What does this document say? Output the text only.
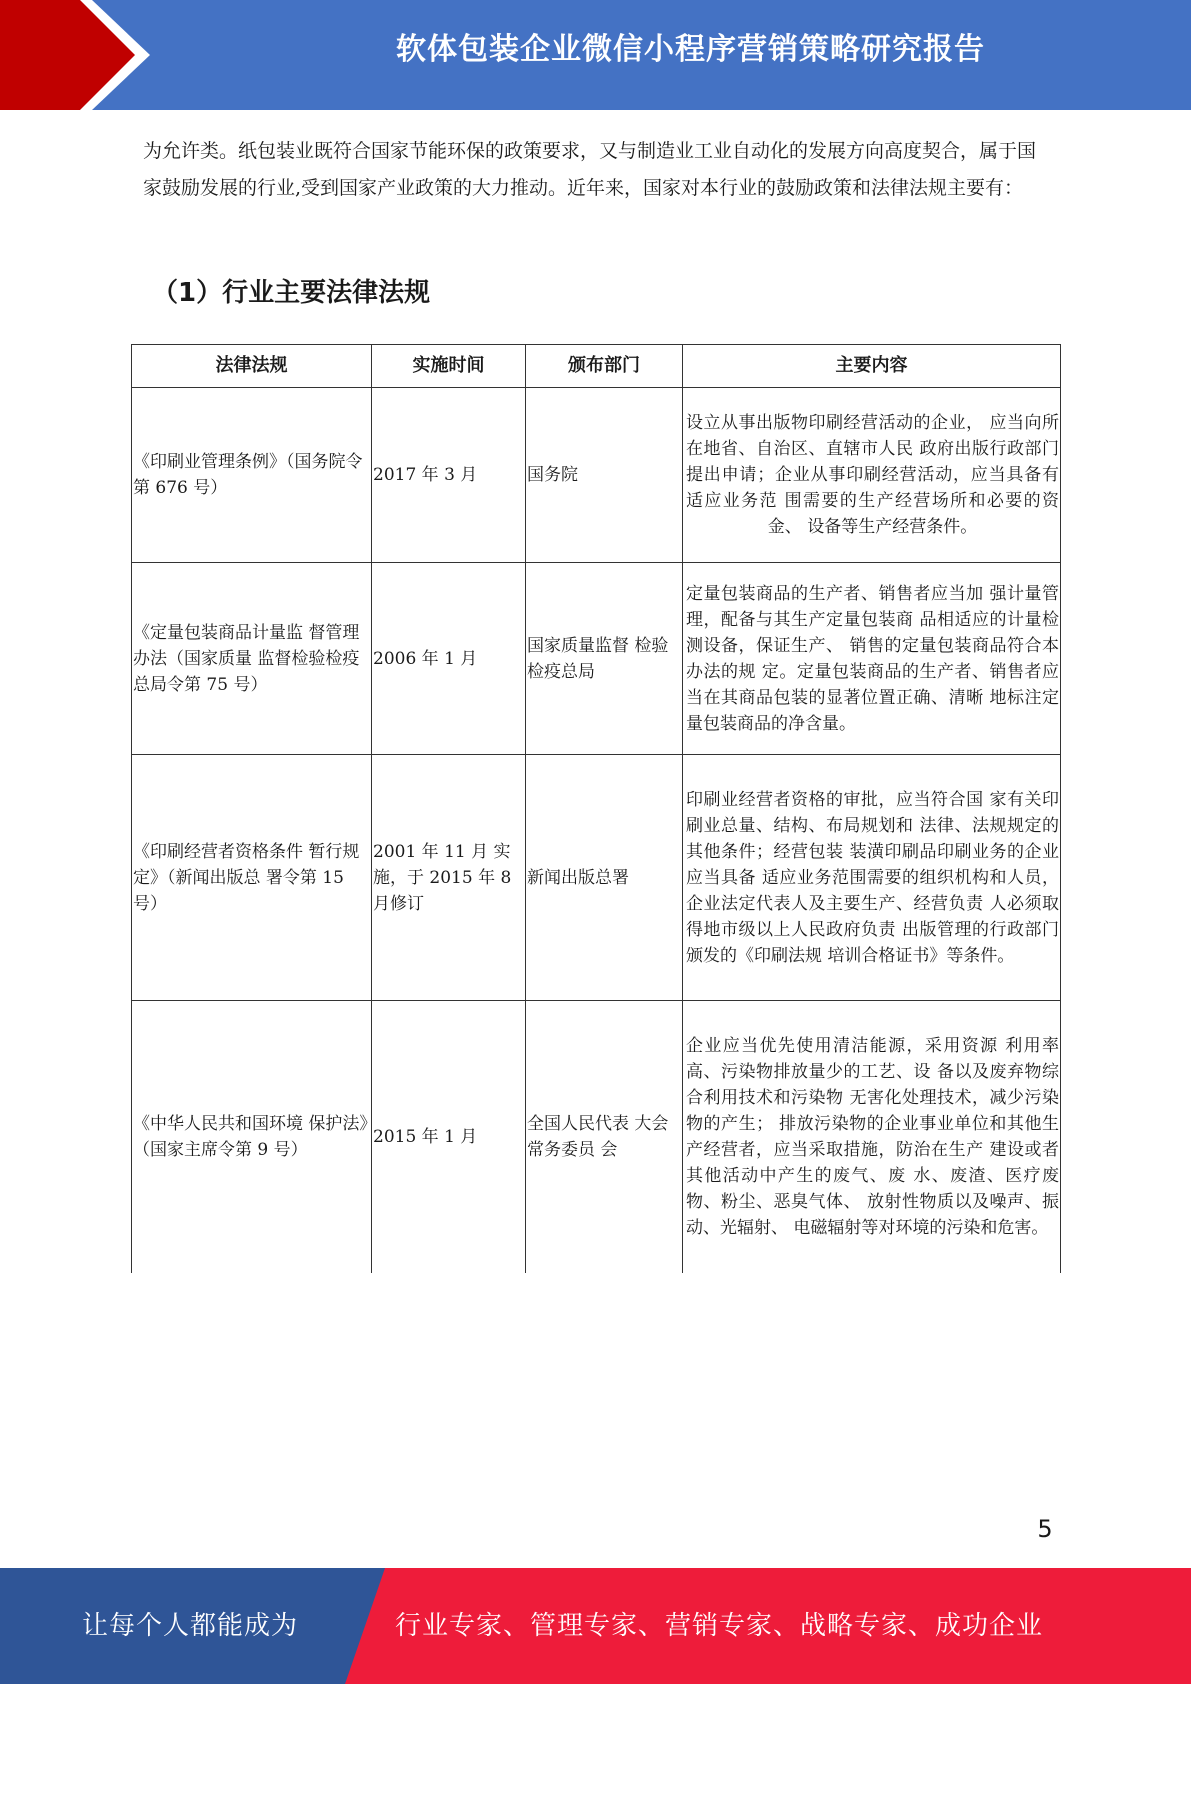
软体包装企业微信小程序营销策略研究报告

为允许类。纸包装业既符合国家节能环保的政策要求，又与制造业工业自动化的发展方向高度契合，属于国家鼓励发展的行业,受到国家产业政策的大力推动。近年来，国家对本行业的鼓励政策和法律法规主要有：

（1）行业主要法律法规
法律法规	实施时间	颁布部门	主要内容
《印刷业管理条例》（国务院令第 676 号）	2017 年 3 月	国务院	设立从事出版物印刷经营活动的企业， 应当向所在地省、自治区、直辖市人民 政府出版行政部门提出申请；企业从事印刷经营活动，应当具备有适应业务范 围需要的生产经营场所和必要的资金、 设备等生产经营条件。
《定量包装商品计量监 督管理办法（国家质量 监督检验检疫总局令第 75 号）	2006 年 1 月	国家质量监督 检验检疫总局	定量包装商品的生产者、销售者应当加 强计量管理，配备与其生产定量包装商 品相适应的计量检测设备，保证生产、 销售的定量包装商品符合本办法的规 定。定量包装商品的生产者、销售者应 当在其商品包装的显著位置正确、清晰 地标注定量包装商品的净含量。
《印刷经营者资格条件 暂行规定》（新闻出版总 署令第 15 号）	2001 年 11 月 实施，于 2015 年 8 月修订	新闻出版总署	印刷业经营者资格的审批，应当符合国 家有关印刷业总量、结构、布局规划和 法律、法规规定的其他条件；经营包装 装潢印刷品印刷业务的企业应当具备 适应业务范围需要的组织机构和人员， 企业法定代表人及主要生产、经营负责 人必须取得地市级以上人民政府负责 出版管理的行政部门颁发的《印刷法规 培训合格证书》等条件。
《中华人民共和国环境 保护法》（国家主席令第 9 号）	2015 年 1 月	全国人民代表 大会常务委员 会	企业应当优先使用清洁能源，采用资源 利用率高、污染物排放量少的工艺、设 备以及废弃物综合利用技术和污染物 无害化处理技术，减少污染物的产生； 排放污染物的企业事业单位和其他生 产经营者，应当采取措施，防治在生产 建设或者其他活动中产生的废气、废 水、废渣、医疗废物、粉尘、恶臭气体、 放射性物质以及噪声、振动、光辐射、 电磁辐射等对环境的污染和危害。
5
让每个人都能成为	行业专家、管理专家、营销专家、战略专家、成功企业家……
